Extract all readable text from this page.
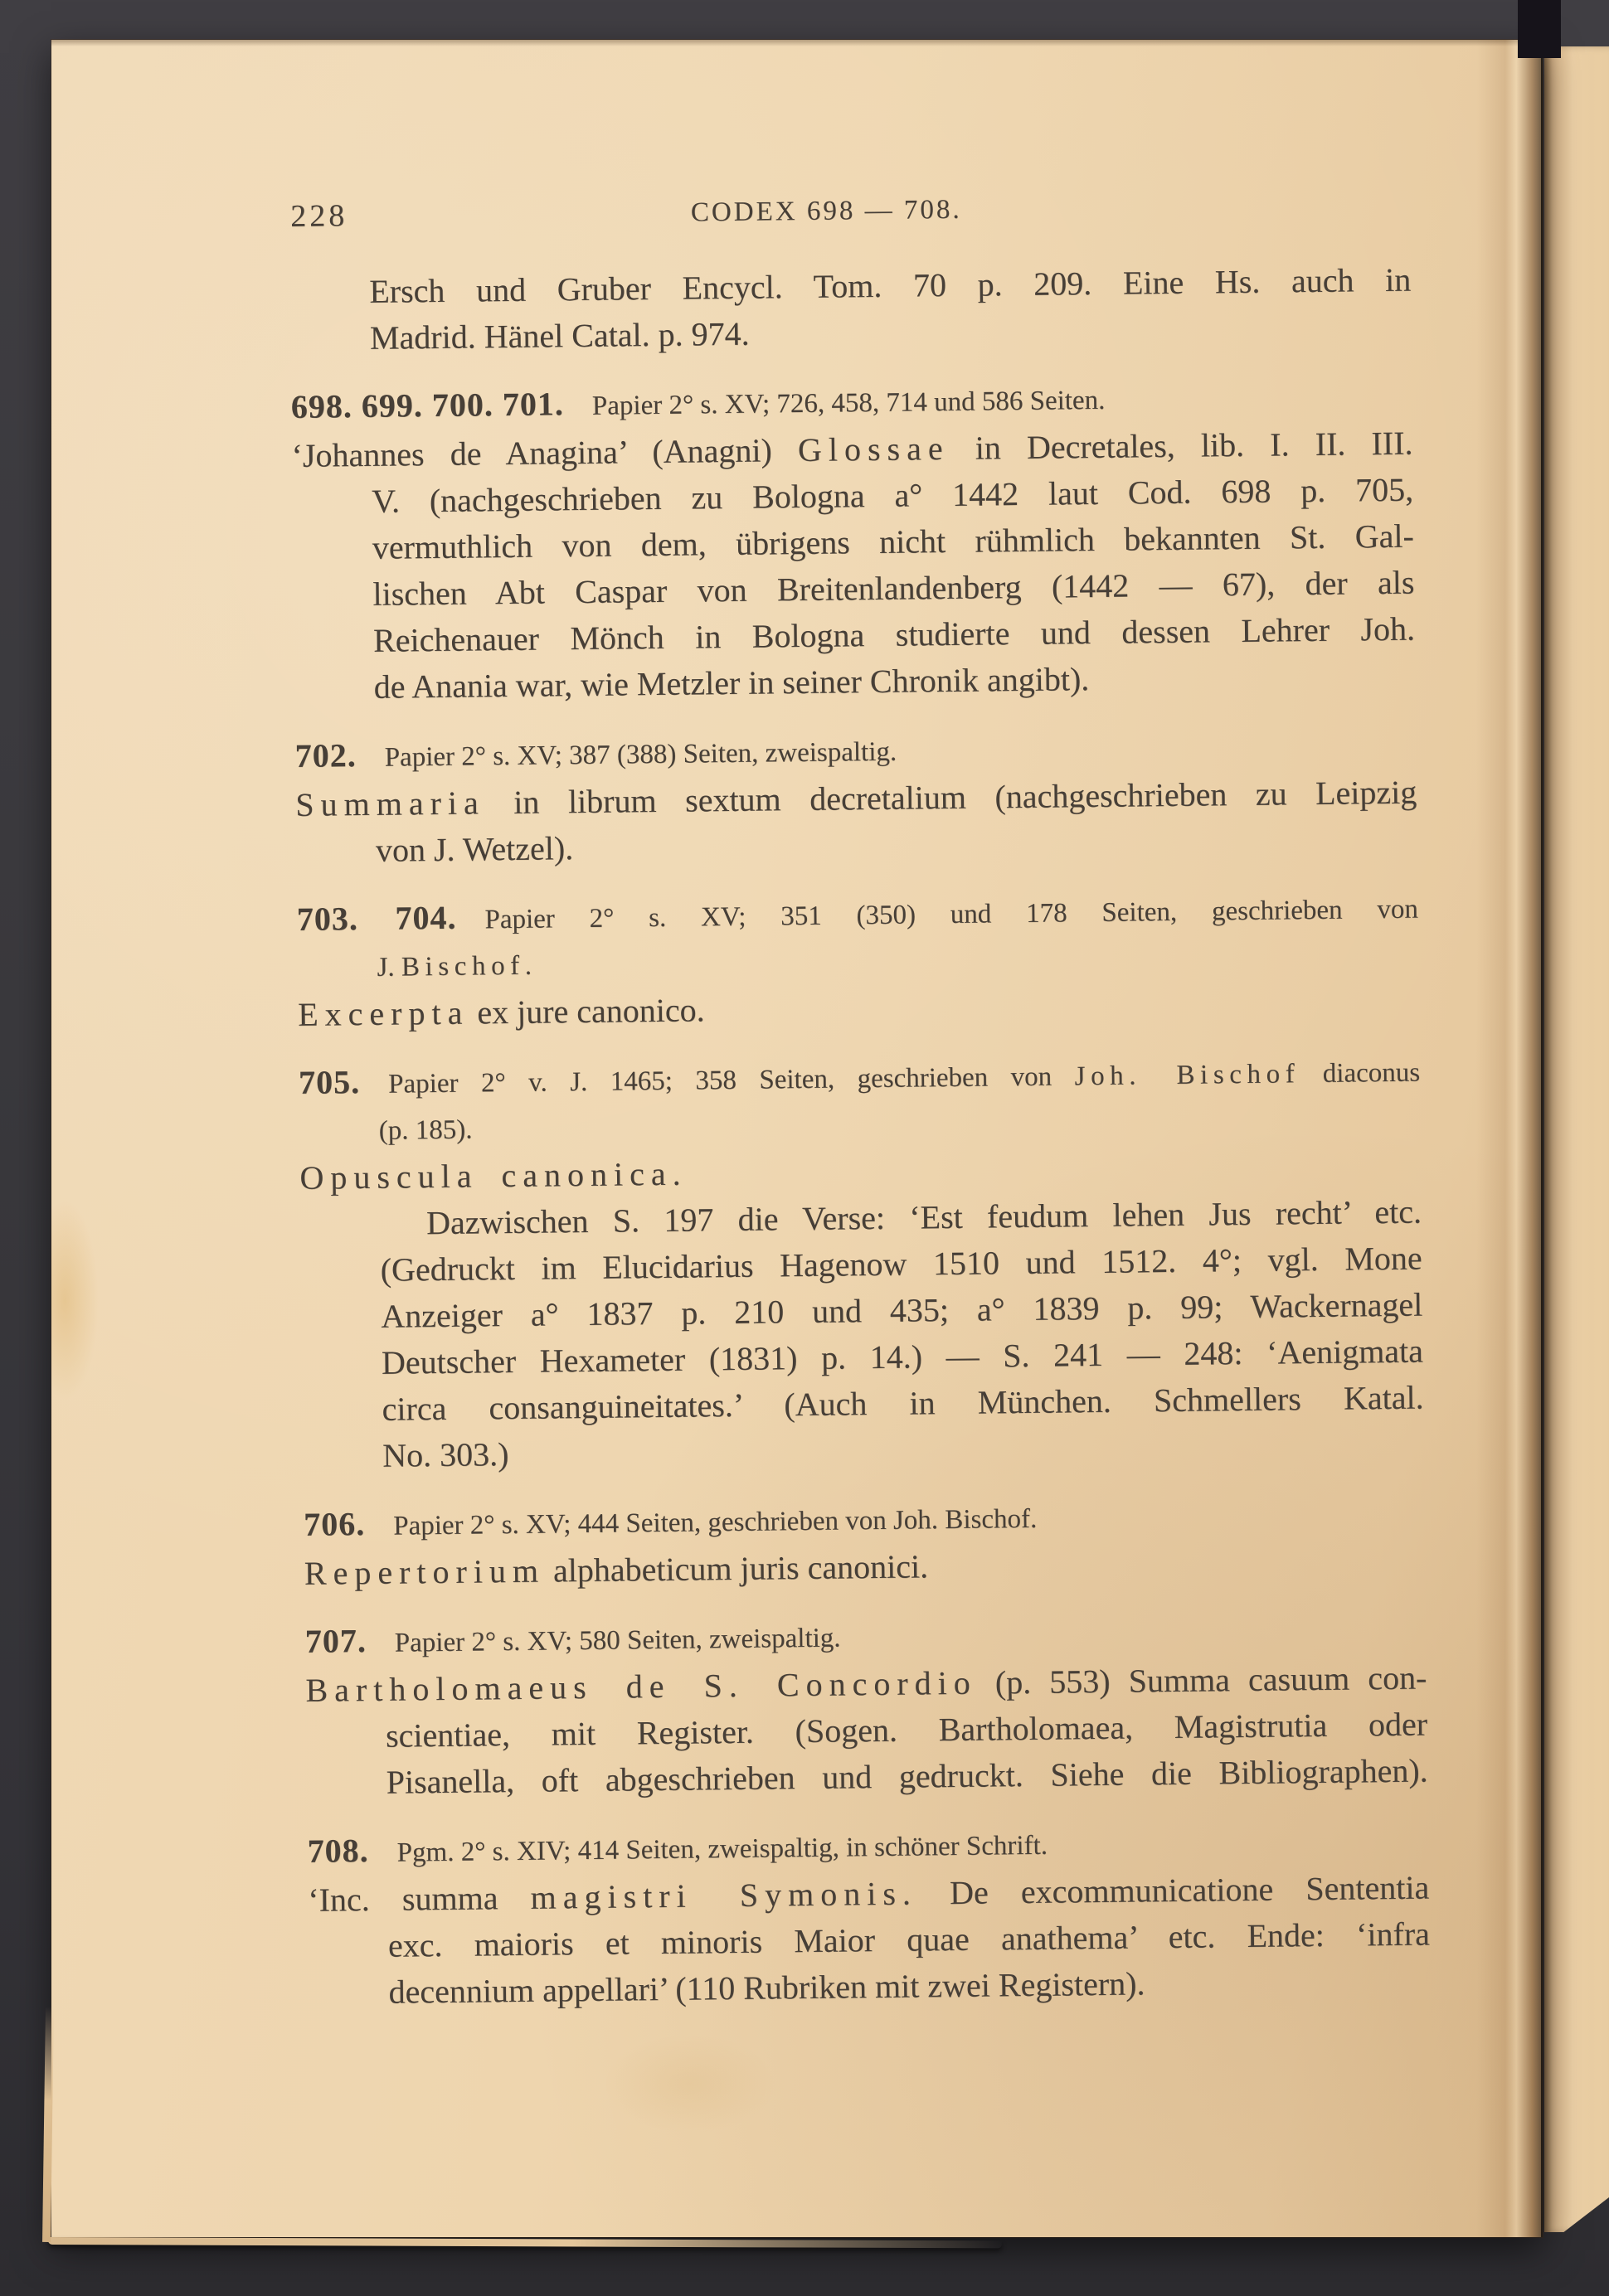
228	CODEX 698 — 708.
Ersch und Gruber Encycl. Tom. 70 p. 209. Eine Hs. auch in
Madrid. Hänel Catal. p. 974.
698. 699. 700. 701. Papier 2° s. XV; 726, 458, 714 und 586 Seiten.
‘Johannes de Anagina’ (Anagni) Glossae in Decretales, lib. I. II. III.
V. (nachgeschrieben zu Bologna a° 1442 laut Cod. 698 p. 705,
vermuthlich von dem, übrigens nicht rühmlich bekannten St. Gal-
lischen Abt Caspar von Breitenlandenberg (1442 — 67), der als
Reichenauer Mönch in Bologna studierte und dessen Lehrer Joh.
de Anania war, wie Metzler in seiner Chronik angibt).
702. Papier 2° s. XV; 387 (388) Seiten, zweispaltig.
Summaria in librum sextum decretalium (nachgeschrieben zu Leipzig
von J. Wetzel).
703. 704. Papier 2° s. XV; 351 (350) und 178 Seiten, geschrieben von
J. Bischof.
Excerpta ex jure canonico.
705. Papier 2° v. J. 1465; 358 Seiten, geschrieben von Joh. Bischof diaconus
(p. 185).
Opuscula canonica.
Dazwischen S. 197 die Verse: ‘Est feudum lehen Jus recht’ etc.
(Gedruckt im Elucidarius Hagenow 1510 und 1512. 4°; vgl. Mone
Anzeiger a° 1837 p. 210 und 435; a° 1839 p. 99; Wackernagel
Deutscher Hexameter (1831) p. 14.) — S. 241 — 248: ‘Aenigmata
circa consanguineitates.’ (Auch in München. Schmellers Katal.
No. 303.)
706. Papier 2° s. XV; 444 Seiten, geschrieben von Joh. Bischof.
Repertorium alphabeticum juris canonici.
707. Papier 2° s. XV; 580 Seiten, zweispaltig.
Bartholomaeus de S. Concordio (p. 553) Summa casuum con-
scientiae, mit Register. (Sogen. Bartholomaea, Magistrutia oder
Pisanella, oft abgeschrieben und gedruckt. Siehe die Bibliographen).
708. Pgm. 2° s. XIV; 414 Seiten, zweispaltig, in schöner Schrift.
‘Inc. summa magistri Symonis. De excommunicatione Sententia
exc. maioris et minoris Maior quae anathema’ etc. Ende: ‘infra
decennium appellari’ (110 Rubriken mit zwei Registern).
